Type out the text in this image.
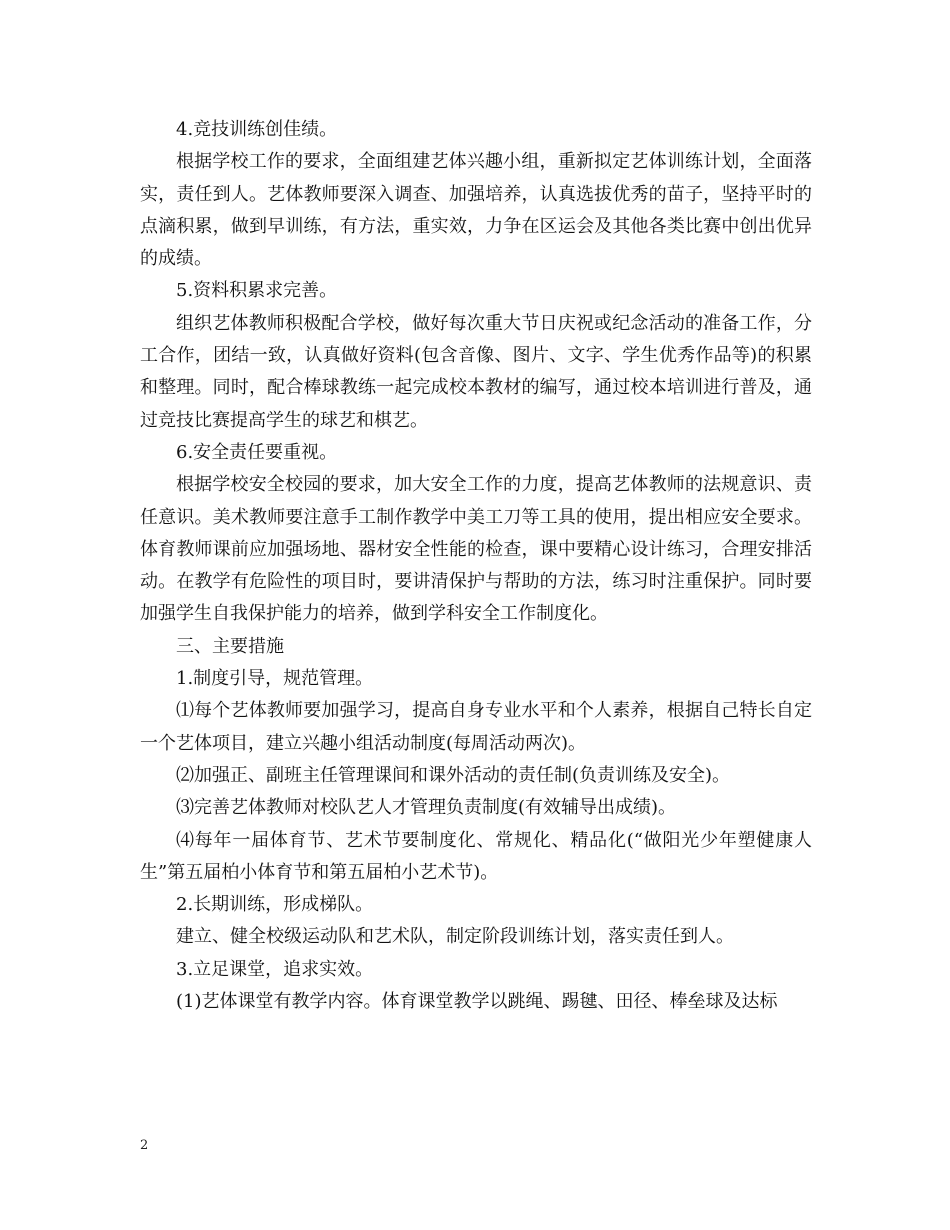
4.竞技训练创佳绩。

根据学校工作的要求，全面组建艺体兴趣小组，重新拟定艺体训练计划，全面落实，责任到人。艺体教师要深入调查、加强培养，认真选拔优秀的苗子，坚持平时的点滴积累，做到早训练，有方法，重实效，力争在区运会及其他各类比赛中创出优异的成绩。

5.资料积累求完善。

组织艺体教师积极配合学校，做好每次重大节日庆祝或纪念活动的准备工作，分工合作，团结一致，认真做好资料(包含音像、图片、文字、学生优秀作品等)的积累和整理。同时，配合棒球教练一起完成校本教材的编写，通过校本培训进行普及，通过竞技比赛提高学生的球艺和棋艺。

6.安全责任要重视。

根据学校安全校园的要求，加大安全工作的力度，提高艺体教师的法规意识、责任意识。美术教师要注意手工制作教学中美工刀等工具的使用，提出相应安全要求。体育教师课前应加强场地、器材安全性能的检查，课中要精心设计练习，合理安排活动。在教学有危险性的项目时，要讲清保护与帮助的方法，练习时注重保护。同时要加强学生自我保护能力的培养，做到学科安全工作制度化。

三、主要措施

1.制度引导，规范管理。

⑴每个艺体教师要加强学习，提高自身专业水平和个人素养，根据自己特长自定一个艺体项目，建立兴趣小组活动制度(每周活动两次)。

⑵加强正、副班主任管理课间和课外活动的责任制(负责训练及安全)。

⑶完善艺体教师对校队艺人才管理负责制度(有效辅导出成绩)。

⑷每年一届体育节、艺术节要制度化、常规化、精品化(“做阳光少年塑健康人生”第五届柏小体育节和第五届柏小艺术节)。

2.长期训练，形成梯队。

建立、健全校级运动队和艺术队，制定阶段训练计划，落实责任到人。

3.立足课堂，追求实效。

(1)艺体课堂有教学内容。体育课堂教学以跳绳、踢毽、田径、棒垒球及达标

2
